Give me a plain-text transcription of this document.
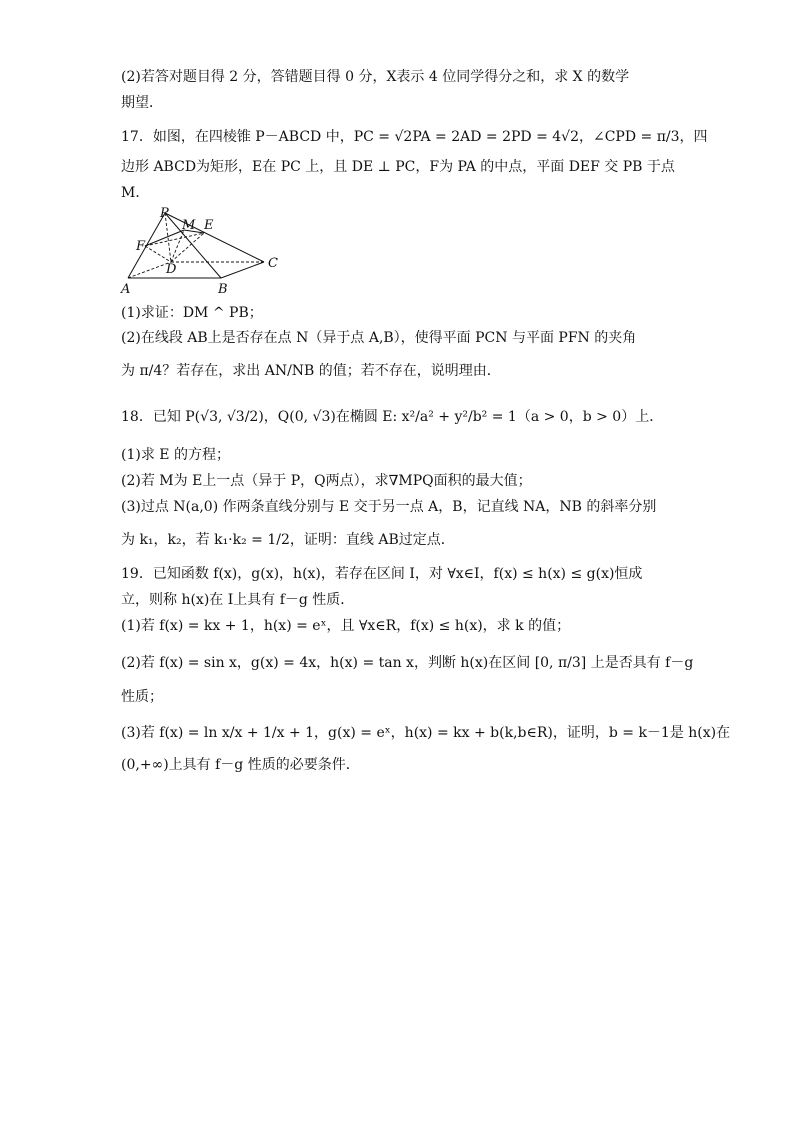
(2)若答对题目得 2 分，答错题目得 0 分，X表示 4 位同学得分之和，求 X 的数学
期望．
17．如图，在四棱锥 P－ABCD 中，PC = √2PA = 2AD = 2PD = 4√2，∠CPD = π/3，四
边形 ABCD为矩形，E在 PC 上，且 DE ⊥ PC，F为 PA 的中点，平面 DEF 交 PB 于点
M．
P
M E
F
D	C
A	B
(1)求证：DM ^ PB；
(2)在线段 AB上是否存在点 N（异于点 A,B），使得平面 PCN 与平面 PFN 的夹角
为 π/4？若存在，求出 AN/NB 的值；若不存在，说明理由．
18．已知 P(√3, √3/2)，Q(0, √3)在椭圆 E: x²/a² + y²/b² = 1（a > 0，b > 0）上．
(1)求 E 的方程；
(2)若 M为 E上一点（异于 P，Q两点），求∇MPQ面积的最大值；
(3)过点 N(a,0) 作两条直线分别与 E 交于另一点 A，B，记直线 NA，NB 的斜率分别
为 k₁，k₂，若 k₁·k₂ = 1/2，证明：直线 AB过定点．
19．已知函数 f(x)，g(x)，h(x)，若存在区间 I，对 ∀x∈I，f(x) ≤ h(x) ≤ g(x)恒成
立，则称 h(x)在 I上具有 f－g 性质．
(1)若 f(x) = kx + 1，h(x) = eˣ，且 ∀x∈R，f(x) ≤ h(x)，求 k 的值；
(2)若 f(x) = sin x，g(x) = 4x，h(x) = tan x，判断 h(x)在区间 [0, π/3] 上是否具有 f－g
性质；
(3)若 f(x) = ln x/x + 1/x + 1，g(x) = eˣ，h(x) = kx + b(k,b∈R)，证明，b = k－1是 h(x)在
(0,+∞)上具有 f－g 性质的必要条件．
